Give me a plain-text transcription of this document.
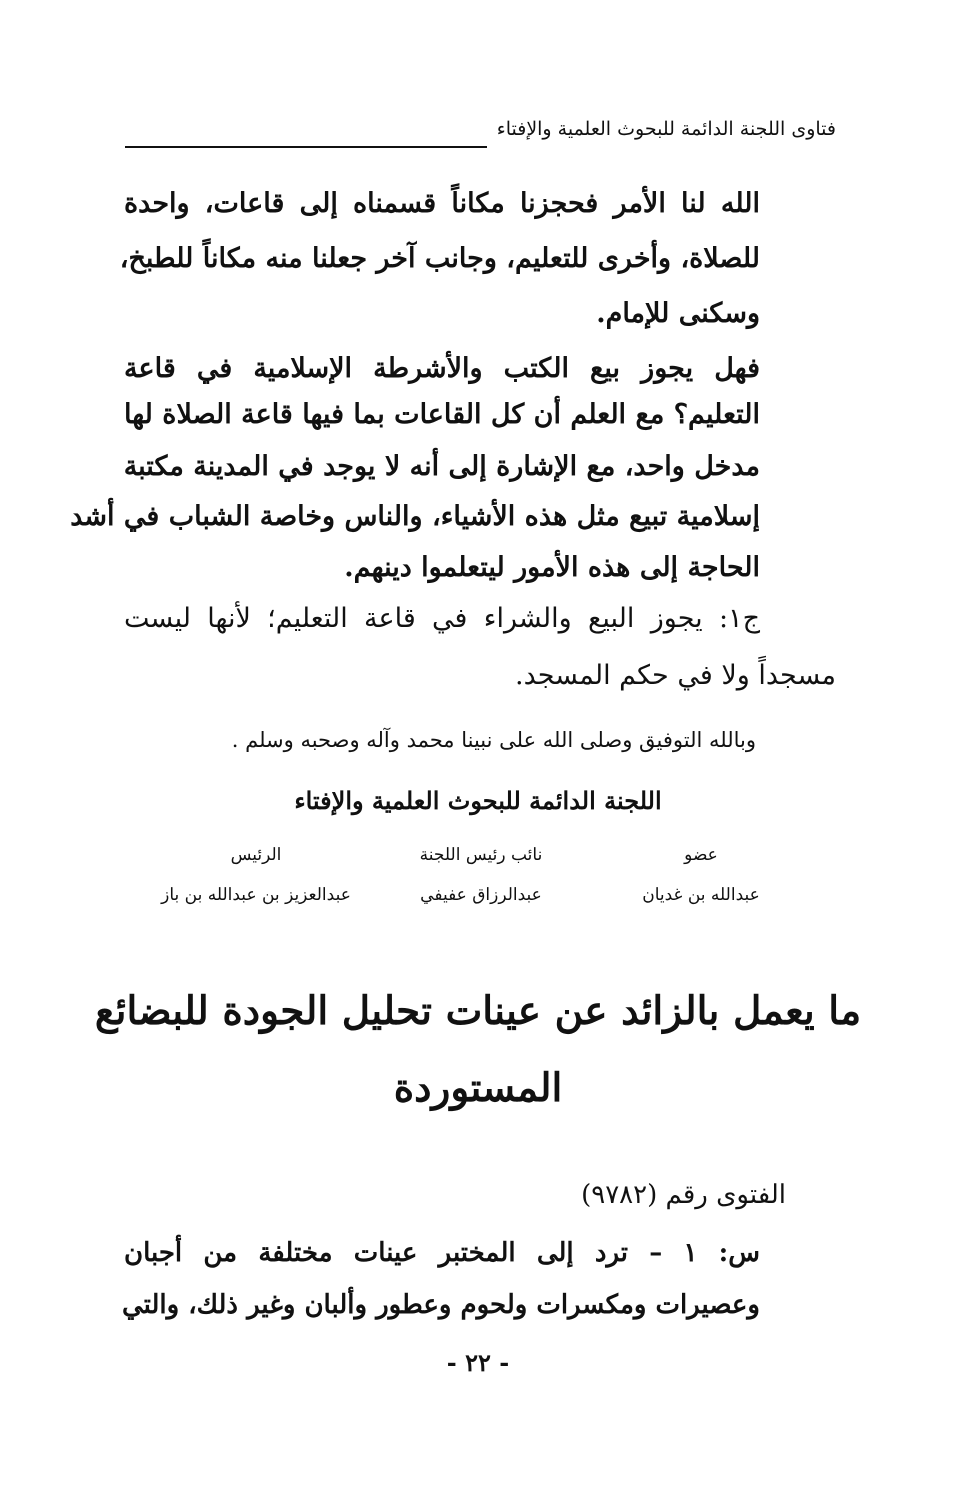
فتاوى اللجنة الدائمة للبحوث العلمية والإفتاء
الله لنا الأمر فحجزنا مكاناً قسمناه إلى قاعات، واحدة
للصلاة، وأخرى للتعليم، وجانب آخر جعلنا منه مكاناً للطبخ،
وسكنى للإمام.
فهل يجوز بيع الكتب والأشرطة الإسلامية في قاعة
التعليم؟ مع العلم أن كل القاعات بما فيها قاعة الصلاة لها
مدخل واحد، مع الإشارة إلى أنه لا يوجد في المدينة مكتبة
إسلامية تبيع مثل هذه الأشياء، والناس وخاصة الشباب في أشد
الحاجة إلى هذه الأمور ليتعلموا دينهم.
ج١: يجوز البيع والشراء في قاعة التعليم؛ لأنها ليست
مسجداً ولا في حكم المسجد.
وبالله التوفيق وصلى الله على نبينا محمد وآله وصحبه وسلم .
اللجنة الدائمة للبحوث العلمية والإفتاء
عضو
عبدالله بن غديان
نائب رئيس اللجنة
عبدالرزاق عفيفي
الرئيس
عبدالعزيز بن عبدالله بن باز
ما يعمل بالزائد عن عينات تحليل الجودة للبضائع
المستوردة
الفتوى رقم (٩٧٨٢)
س: ١ – ترد إلى المختبر عينات مختلفة من أجبان
وعصيرات ومكسرات ولحوم وعطور وألبان وغير ذلك، والتي
- ٢٢ -
